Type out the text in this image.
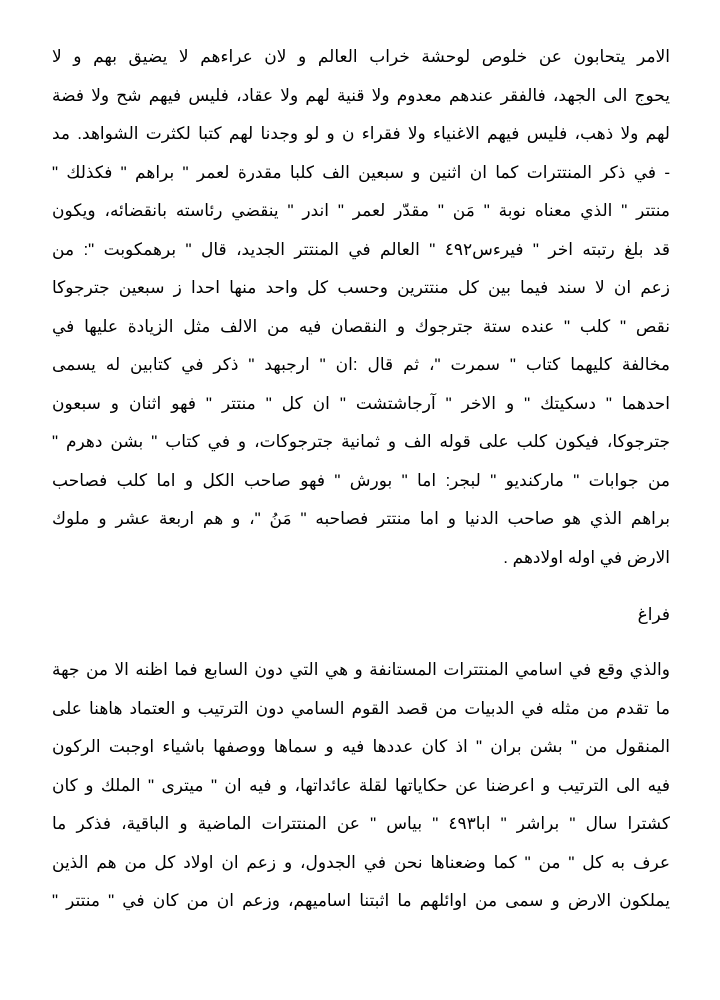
الامر يتحابون عن خلوص لوحشة خراب العالم و لان عراءهم لا يضيق بهم و لا
يحوج الى الجهد، فالفقر عندهم معدوم ولا قنية لهم ولا عقاد، فليس فيهم شح ولا فضة
لهم ولا ذهب، فليس فيهم الاغنياء ولا فقراء ن و لو وجدنا لهم كتبا لكثرت الشواهد. مد
- في ذكر المنتترات كما ان اثنين و سبعين الف كلبا مقدرة لعمر " براهم " فكذلك "
منتتر " الذي معناه نوبة " مَن " مقدّر لعمر " اندر " ينقضي رئاسته بانقضائه، ويكون
قد بلغ رتبته اخر " فيرءس٤٩٢ " العالم في المنتتر الجديد، قال " برهمكوبت ": من
زعم ان لا سند فيما بين كل منتترين وحسب كل واحد منها احدا ز سبعين جترجوكا
نقص " كلب " عنده ستة جترجوك و النقصان فيه من الالف مثل الزيادة عليها في
مخالفة كليهما كتاب " سمرت "، ثم قال :ان " ارجبهد " ذكر في كتابين له يسمى
احدهما " دسكيتك " و الاخر " آرجاشتشت " ان كل " منتتر " فهو اثنان و سبعون
جترجوكا، فيكون كلب على قوله الف و ثمانية جترجوكات، و في كتاب " بشن دهرم "
من جوابات " ماركنديو " لبجر: اما " بورش " فهو صاحب الكل و اما كلب فصاحب
براهم الذي هو صاحب الدنيا و اما منتتر فصاحبه " مَنُ "، و هم اربعة عشر و ملوك
الارض في اوله اولادهم .
فراغ
والذي وقع في اسامي المنتترات المستانفة و هي التي دون السابع فما اظنه الا من جهة
ما تقدم من مثله في الدبيات من قصد القوم السامي دون الترتيب و العتماد هاهنا على
المنقول من " بشن بران " اذ كان عددها فيه و سماها ووصفها باشياء اوجبت الركون
فيه الى الترتيب و اعرضنا عن حكاياتها لقلة عائداتها، و فيه ان " ميترى " الملك و كان
كشترا سال " براشر " ابا٤٩٣ " بياس " عن المنتترات الماضية و الباقية، فذكر ما
عرف به كل " من " كما وضعناها نحن في الجدول، و زعم ان اولاد كل من هم الذين
يملكون الارض و سمى من اوائلهم ما اثبتنا اساميهم، وزعم ان من كان في " منتتر "
